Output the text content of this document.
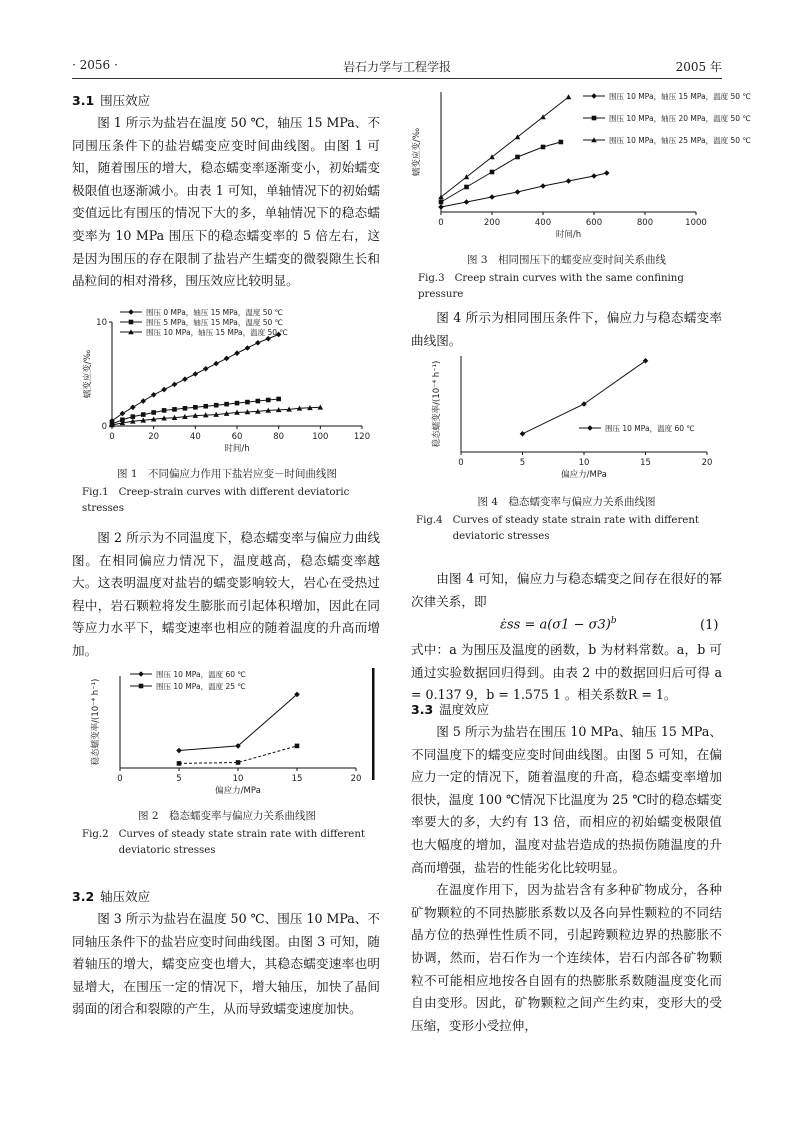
· 2056 ·	岩石力学与工程学报	2005 年
3.1 围压效应

图 1 所示为盐岩在温度 50 ℃，轴压 15 MPa、不同围压条件下的盐岩蠕变应变时间曲线图。由图 1 可知，随着围压的增大，稳态蠕变率逐渐变小，初始蠕变极限值也逐渐减小。由表 1 可知，单轴情况下的初始蠕变值远比有围压的情况下大的多，单轴情况下的稳态蠕变率为 10 MPa 围压下的稳态蠕变率的 5 倍左右，这是因为围压的存在限制了盐岩产生蠕变的微裂隙生长和晶粒间的相对滑移，围压效应比较明显。

0	20	40	60	80	100	120
0
10
时间/h
蠕变应变/‰
围压 0 MPa，轴压 15 MPa，温度 50 ℃
围压 5 MPa，轴压 15 MPa，温度 50 ℃
围压 10 MPa，轴压 15 MPa，温度 50 ℃
图 1　不同偏应力作用下盐岩应变－时间曲线图
Fig.1 Creep-strain curves with different deviatoric stresses

图 2 所示为不同温度下，稳态蠕变率与偏应力曲线图。在相同偏应力情况下，温度越高，稳态蠕变率越大。这表明温度对盐岩的蠕变影响较大，岩心在受热过程中，岩石颗粒将发生膨胀而引起体积增加，因此在同等应力水平下，蠕变速率也相应的随着温度的升高而增加。

0	5	10	15	20
偏应力/MPa
稳态蠕变率/(10⁻⁴ h⁻¹)
围压 10 MPa，温度 60 ℃
围压 10 MPa，温度 25 ℃
图 2　稳态蠕变率与偏应力关系曲线图
Fig.2 Curves of steady state strain rate with different deviatoric stresses
3.2 轴压效应

图 3 所示为盐岩在温度 50 ℃、围压 10 MPa、不同轴压条件下的盐岩应变时间曲线图。由图 3 可知，随着轴压的增大，蠕变应变也增大，其稳态蠕变速率也明显增大，在围压一定的情况下，增大轴压，加快了晶间弱面的闭合和裂隙的产生，从而导致蠕变速度加快。

0	200	400	600	800	1000
时间/h
蠕变应变/‰
围压 10 MPa，轴压 15 MPa，温度 50 ℃
围压 10 MPa，轴压 20 MPa，温度 50 ℃
围压 10 MPa，轴压 25 MPa，温度 50 ℃
图 3　相同围压下的蠕变应变时间关系曲线
Fig.3 Creep strain curves with the same confining pressure

图 4 所示为相同围压条件下，偏应力与稳态蠕变率曲线图。

0	5	10	15	20
偏应力/MPa
稳态蠕变率/(10⁻⁴ h⁻¹)	围压 10 MPa，温度 60 ℃
图 4　稳态蠕变率与偏应力关系曲线图
Fig.4 Curves of steady state strain rate with different deviatoric stresses

由图 4 可知，偏应力与稳态蠕变之间存在很好的幂次律关系，即

ε̇ss = $a(\sigma 1 - \sigma 3)^b$	(1)

式中：a 为围压及温度的函数，b 为材料常数。a，b 可通过实验数据回归得到。由表 2 中的数据回归后可得 a = 0.137 9，b = 1.575 1 。相关系数R = 1。

3.3 温度效应

图 5 所示为盐岩在围压 10 MPa、轴压 15 MPa、不同温度下的蠕变应变时间曲线图。由图 5 可知，在偏应力一定的情况下，随着温度的升高，稳态蠕变率增加很快，温度 100 ℃情况下比温度为 25 ℃时的稳态蠕变率要大的多，大约有 13 倍，而相应的初始蠕变极限值也大幅度的增加，温度对盐岩造成的热损伤随温度的升高而增强，盐岩的性能劣化比较明显。

在温度作用下，因为盐岩含有多种矿物成分，各种矿物颗粒的不同热膨胀系数以及各向异性颗粒的不同结晶方位的热弹性性质不同，引起跨颗粒边界的热膨胀不协调，然而，岩石作为一个连续体，岩石内部各矿物颗粒不可能相应地按各自固有的热膨胀系数随温度变化而自由变形。因此，矿物颗粒之间产生约束，变形大的受压缩，变形小受拉伸，
